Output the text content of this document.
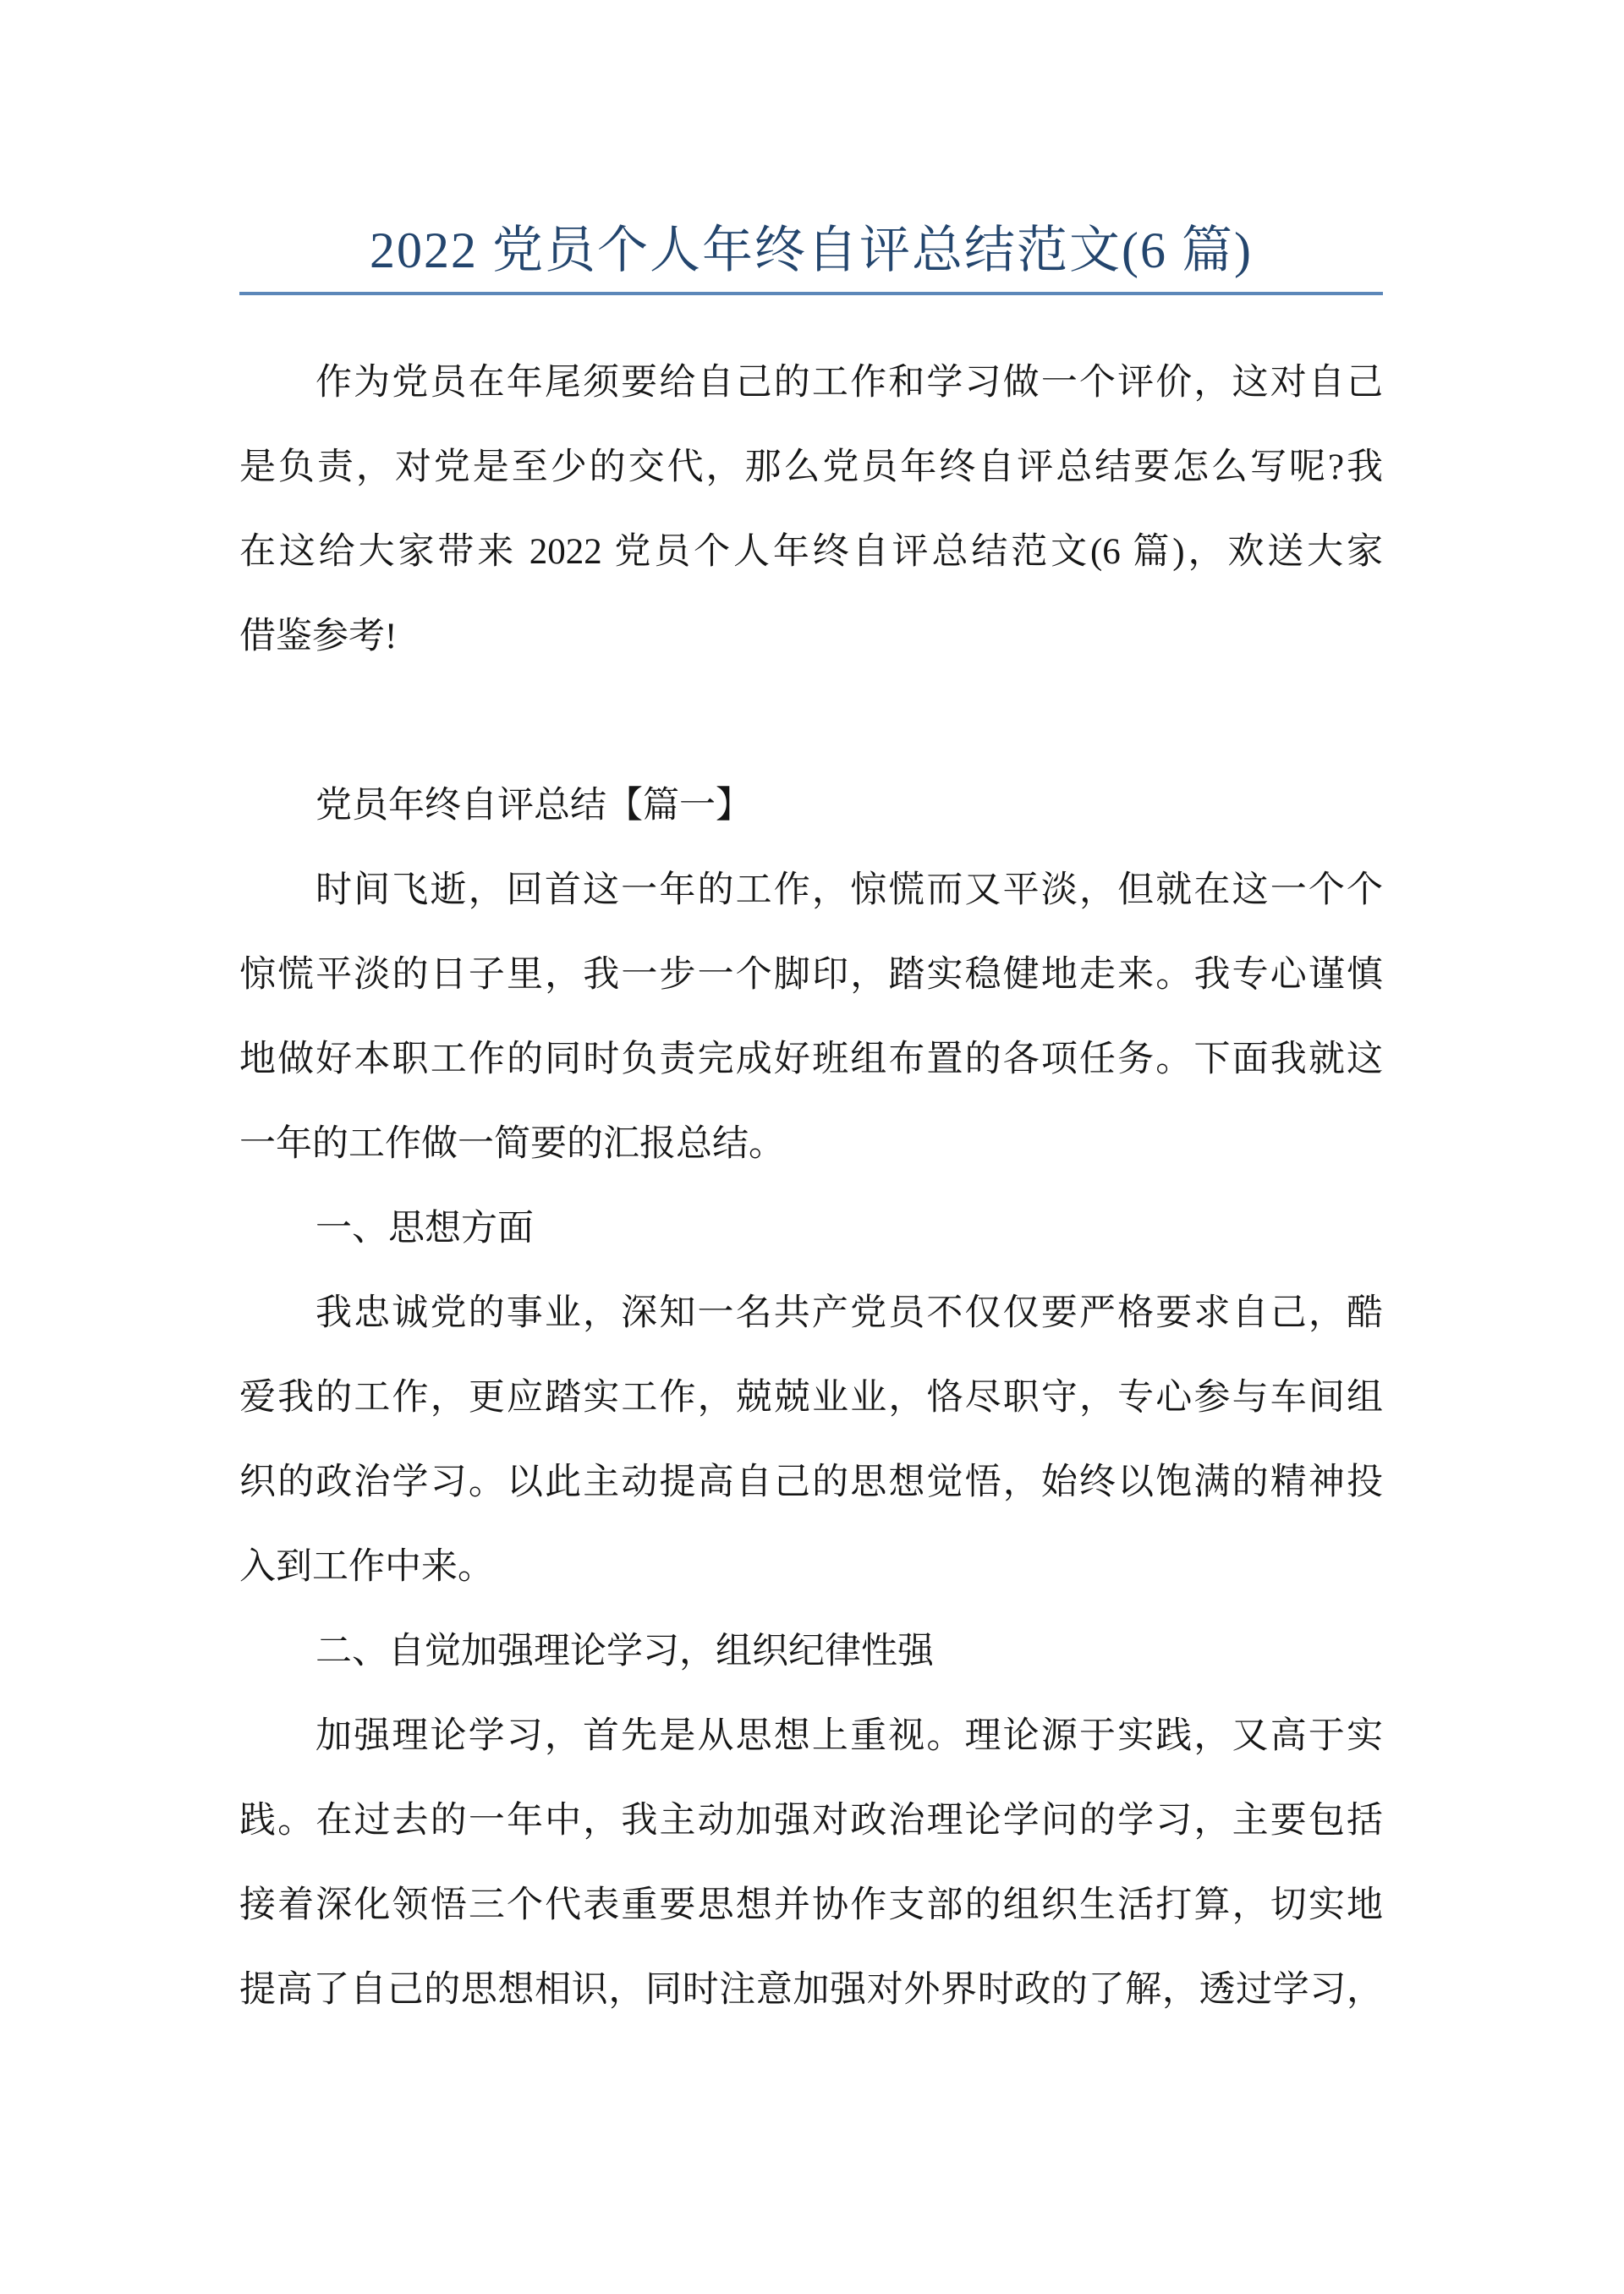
2022 党员个人年终自评总结范文(6 篇)
作为党员在年尾须要给自己的工作和学习做一个评价，这对自己
是负责，对党是至少的交代，那么党员年终自评总结要怎么写呢?我
在这给大家带来 2022 党员个人年终自评总结范文(6 篇)，欢送大家
借鉴参考!
党员年终自评总结【篇一】
时间飞逝，回首这一年的工作，惊慌而又平淡，但就在这一个个
惊慌平淡的日子里，我一步一个脚印，踏实稳健地走来。我专心谨慎
地做好本职工作的同时负责完成好班组布置的各项任务。下面我就这
一年的工作做一简要的汇报总结。
一、思想方面
我忠诚党的事业，深知一名共产党员不仅仅要严格要求自己，酷
爱我的工作，更应踏实工作，兢兢业业，恪尽职守，专心参与车间组
织的政治学习。以此主动提高自己的思想觉悟，始终以饱满的精神投
入到工作中来。
二、自觉加强理论学习，组织纪律性强
加强理论学习，首先是从思想上重视。理论源于实践，又高于实
践。在过去的一年中，我主动加强对政治理论学问的学习，主要包括
接着深化领悟三个代表重要思想并协作支部的组织生活打算，切实地
提高了自己的思想相识，同时注意加强对外界时政的了解，透过学习，
